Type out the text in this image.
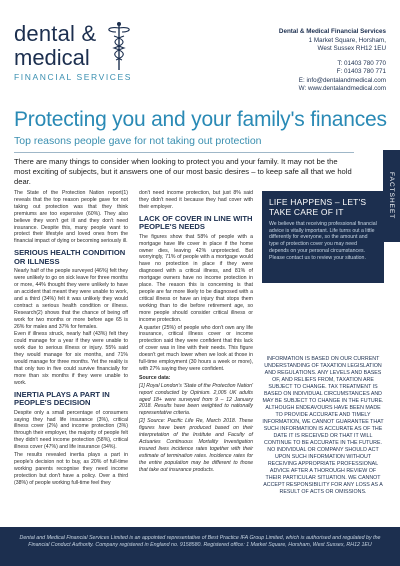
dental &
medical
FINANCIAL SERVICES
Dental & Medical Financial Services
1 Market Square, Horsham,
West Sussex RH12 1EU
T: 01403 780 770
F: 01403 780 771
E: info@dentalandmedical.com
W: www.dentalandmedical.com
Protecting you and your family's finances
Top reasons people gave for not taking out protection
FACTSHEET
There are many things to consider when looking to protect you and your family. It may not be the most exciting of subjects, but it answers one of our most basic desires – to keep safe all that we hold dear.

The State of the Protection Nation report(1) reveals that the top reason people gave for not taking out protection was that they think premiums are too expensive (60%). They also believe they won't get ill and they don't need insurance. Despite this, many people want to protect their lifestyle and loved ones from the financial impact of dying or becoming seriously ill.

SERIOUS HEALTH CONDITION OR ILLNESS

Nearly half of the people surveyed (46%) felt they were unlikely to go on sick leave for three months or more, 44% thought they were unlikely to have an accident that meant they were unable to work, and a third (34%) felt it was unlikely they would contract a serious health condition or illness. Research(2) shows that the chance of being off work for two months or more before age 65 is 26% for males and 37% for females.

Even if illness struck, nearly half (43%) felt they could manage for a year if they were unable to work due to serious illness or injury. 55% said they would manage for six months, and 71% would manage for three months. Yet the reality is that only two in five could survive financially for more than six months if they were unable to work.

INERTIA PLAYS A PART IN PEOPLE'S DECISION

Despite only a small percentage of consumers saying they had life insurance (3%), critical illness cover (2%) and income protection (3%) through their employer, the majority of people felt they didn't need income protection (58%), critical illness cover (47%) and life insurance (34%).

The results revealed inertia plays a part in people's decision not to buy, as 20% of full-time working parents recognise they need income protection but don't have a policy. Over a third (38%) of people working full-time feel they

don't need income protection, but just 8% said they didn't need it because they had cover with their employer.

LACK OF COVER IN LINE WITH PEOPLE'S NEEDS

The figures show that 58% of people with a mortgage have life cover in place if the home owner dies, leaving 42% unprotected. But worryingly, 71% of people with a mortgage would have no protection in place if they were diagnosed with a critical illness, and 81% of mortgage owners have no income protection in place. The reason this is concerning is that people are far more likely to be diagnosed with a critical illness or have an injury that stops them working than to die before retirement age, so more people should consider critical illness or income protection.

A quarter (25%) of people who don't own any life insurance, critical illness cover or income protection said they were confident that this lack of cover was in line with their needs. This figure doesn't get much lower when we look at those in full-time employment (30 hours a week or more), with 27% saying they were confident.

Source data:

[1] Royal London's 'State of the Protection Nation' report conducted by Opinium. 2,005 UK adults aged 18+ were surveyed from 9 – 12 January 2018. Results have been weighted to nationally representative criteria.

[2] Source: Pacific Life Re, March 2018. These figures have been produced based on their interpretation of the Institute and Faculty of Actuaries Continuous Mortality Investigation insured lives incidence rates together with their estimate of termination rates. Incidence rates for the entire population may be different to those that take out insurance products.

LIFE HAPPENS – LET'S TAKE CARE OF IT

We believe that receiving professional financial advice is vitally important. Life turns out a little differently for everyone, so the amount and type of protection cover you may need depends on your personal circumstances. Please contact us to review your situation.

INFORMATION IS BASED ON OUR CURRENT UNDERSTANDING OF TAXATION LEGISLATION AND REGULATIONS. ANY LEVELS AND BASES OF, AND RELIEFS FROM, TAXATION ARE SUBJECT TO CHANGE. TAX TREATMENT IS BASED ON INDIVIDUAL CIRCUMSTANCES AND MAY BE SUBJECT TO CHANGE IN THE FUTURE. ALTHOUGH ENDEAVOURS HAVE BEEN MADE TO PROVIDE ACCURATE AND TIMELY INFORMATION, WE CANNOT GUARANTEE THAT SUCH INFORMATION IS ACCURATE AS OF THE DATE IT IS RECEIVED OR THAT IT WILL CONTINUE TO BE ACCURATE IN THE FUTURE. NO INDIVIDUAL OR COMPANY SHOULD ACT UPON SUCH INFORMATION WITHOUT RECEIVING APPROPRIATE PROFESSIONAL ADVICE AFTER A THOROUGH REVIEW OF THEIR PARTICULAR SITUATION. WE CANNOT ACCEPT RESPONSIBILITY FOR ANY LOSS AS A RESULT OF ACTS OR OMISSIONS.
Dental and Medical Financial Services Limited is an appointed representative of Best Practice IFA Group Limited, which is authorised and regulated by the Financial Conduct Authority. Company registered in England no. 9158580. Registered office: 1 Market Square, Horsham, West Sussex, RH12 1EU
